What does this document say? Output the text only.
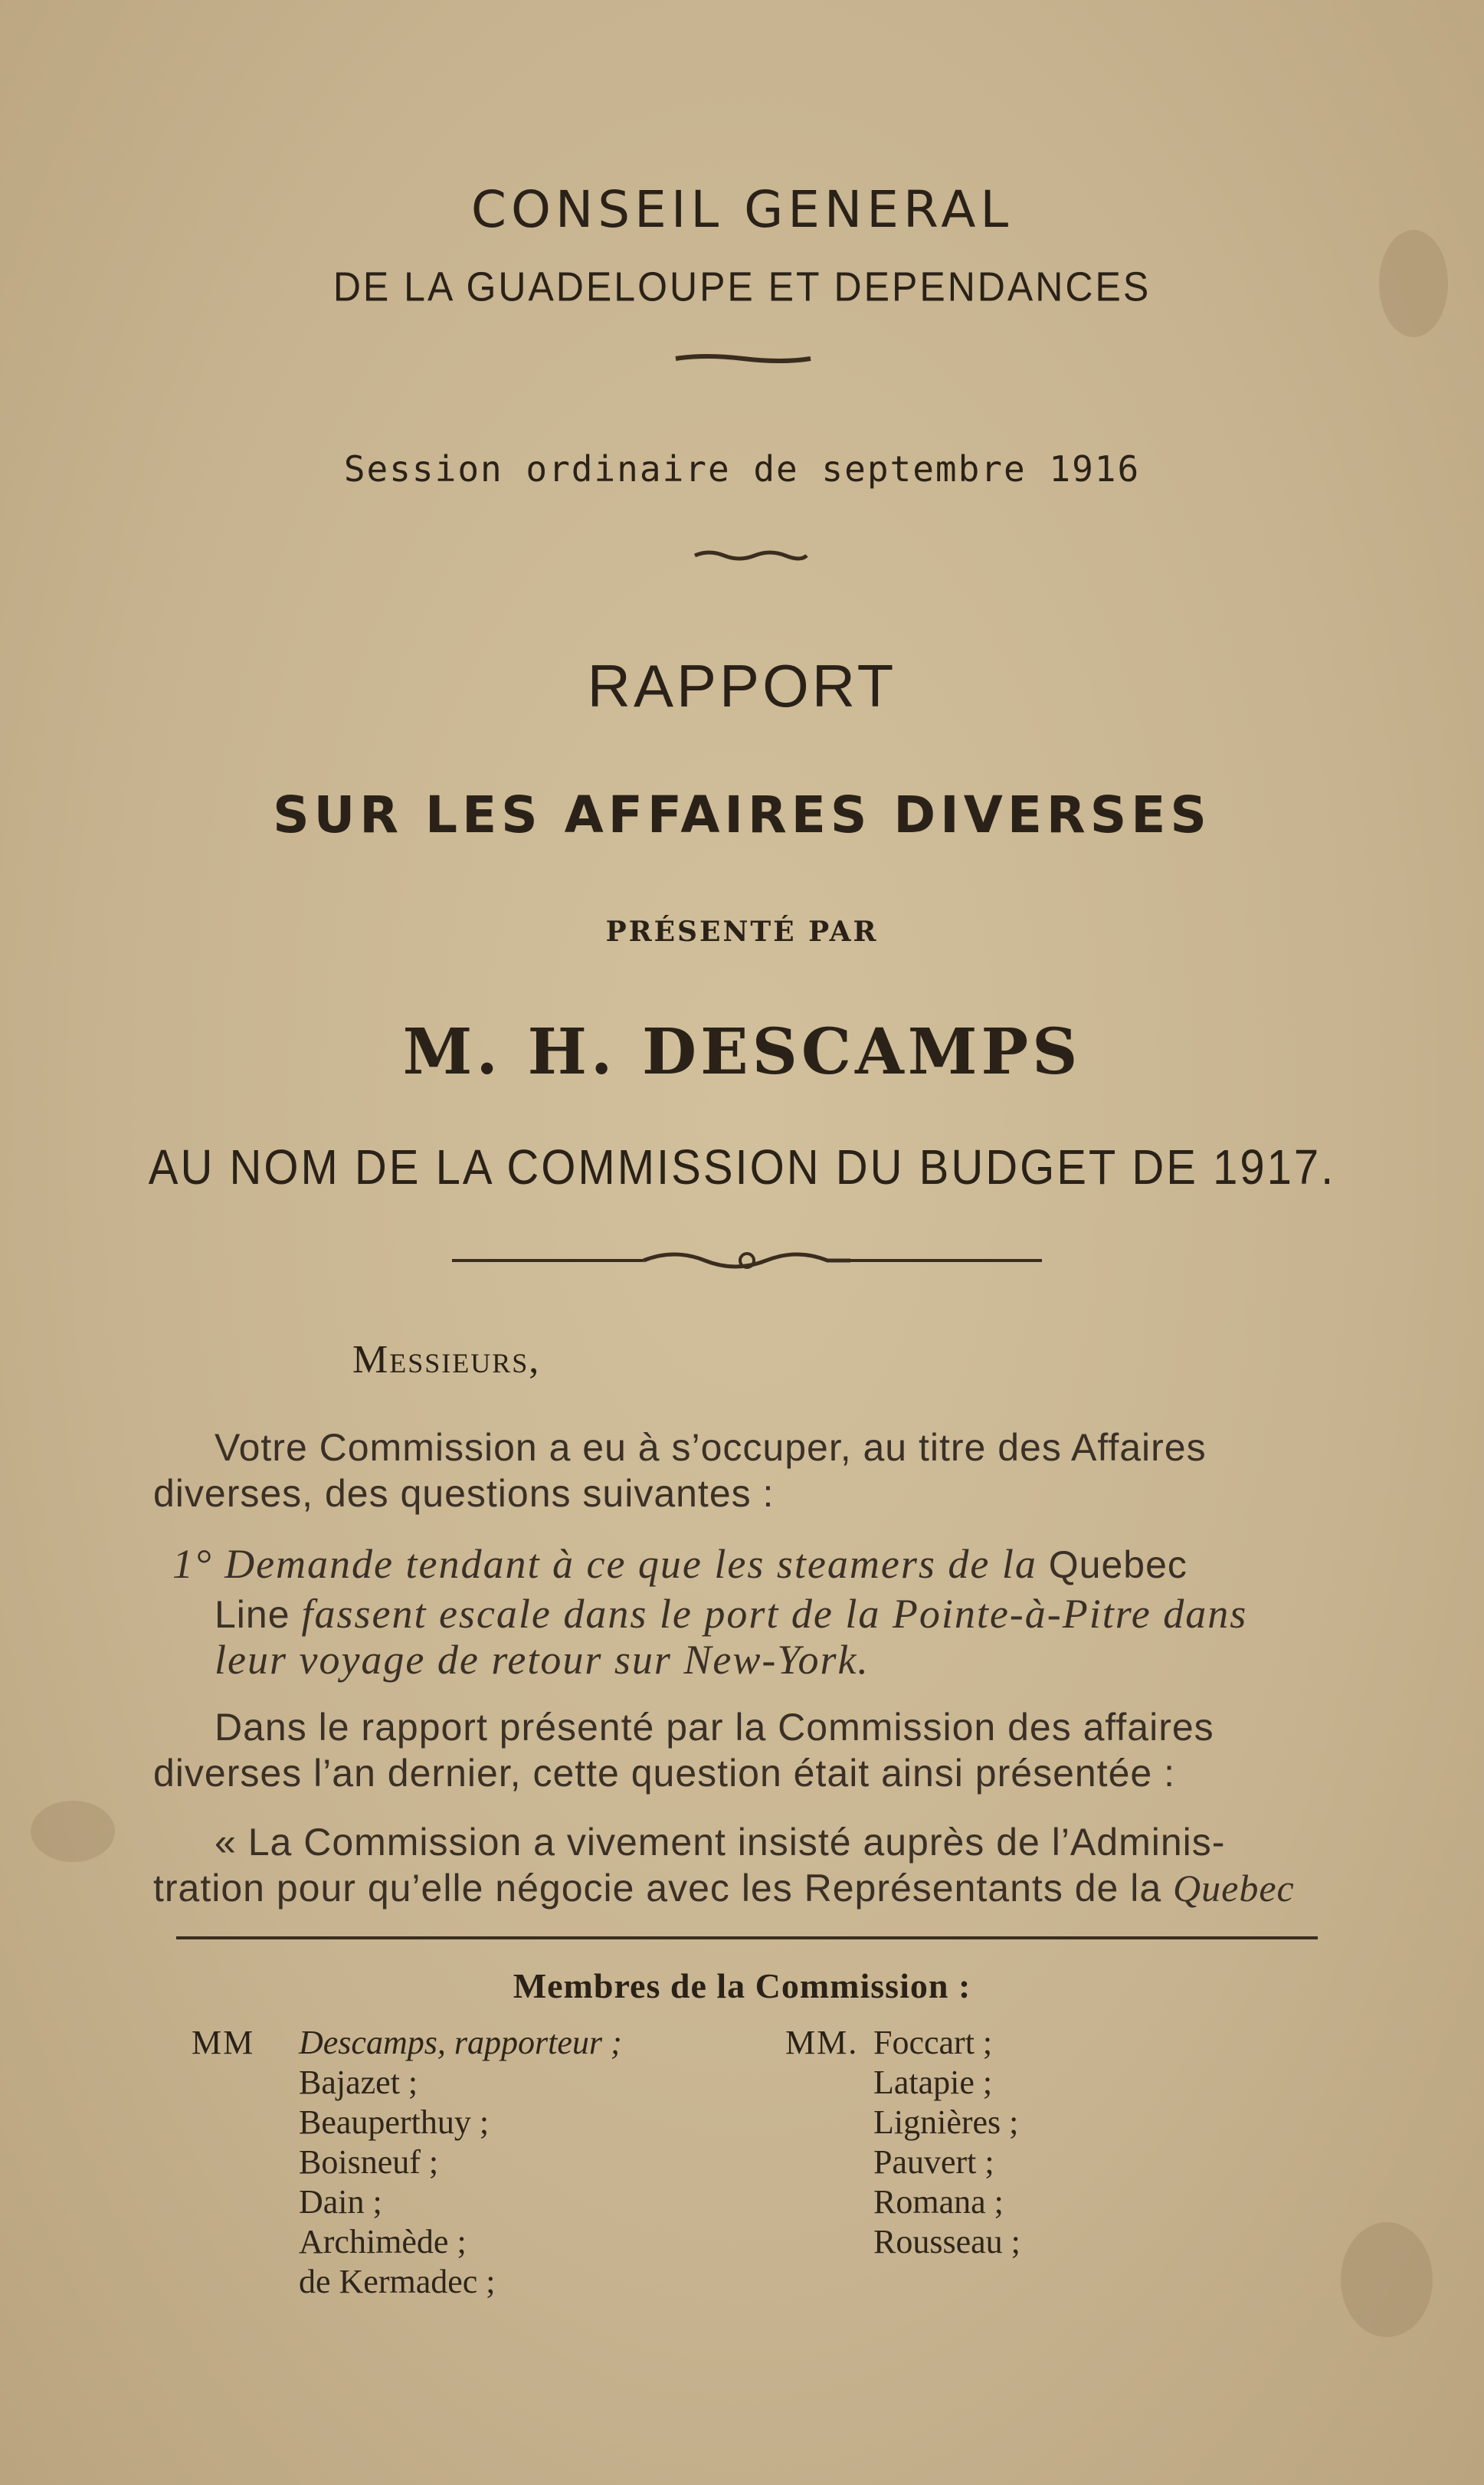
CONSEIL GENERAL
DE LA GUADELOUPE ET DEPENDANCES
Session ordinaire de septembre 1916
RAPPORT
SUR LES AFFAIRES DIVERSES
PRÉSENTÉ PAR
M. H. DESCAMPS
AU NOM DE LA COMMISSION DU BUDGET DE 1917.
Messieurs,
Votre Commission a eu à s’occuper, au titre des Affaires
diverses, des questions suivantes :
1° Demande tendant à ce que les steamers de la Quebec
Line fassent escale dans le port de la Pointe-à-Pitre dans
leur voyage de retour sur New-York.
Dans le rapport présenté par la Commission des affaires
diverses l’an dernier, cette question était ainsi présentée :
« La Commission a vivement insisté auprès de l’Adminis-
tration pour qu’elle négocie avec les Représentants de la Quebec
Membres de la Commission :
MM	MM.
Descamps, rapporteur ;
Bajazet ;
Beauperthuy ;
Boisneuf ;
Dain ;
Archimède ;
de Kermadec ;
Foccart ;
Latapie ;
Lignières ;
Pauvert ;
Romana ;
Rousseau ;
